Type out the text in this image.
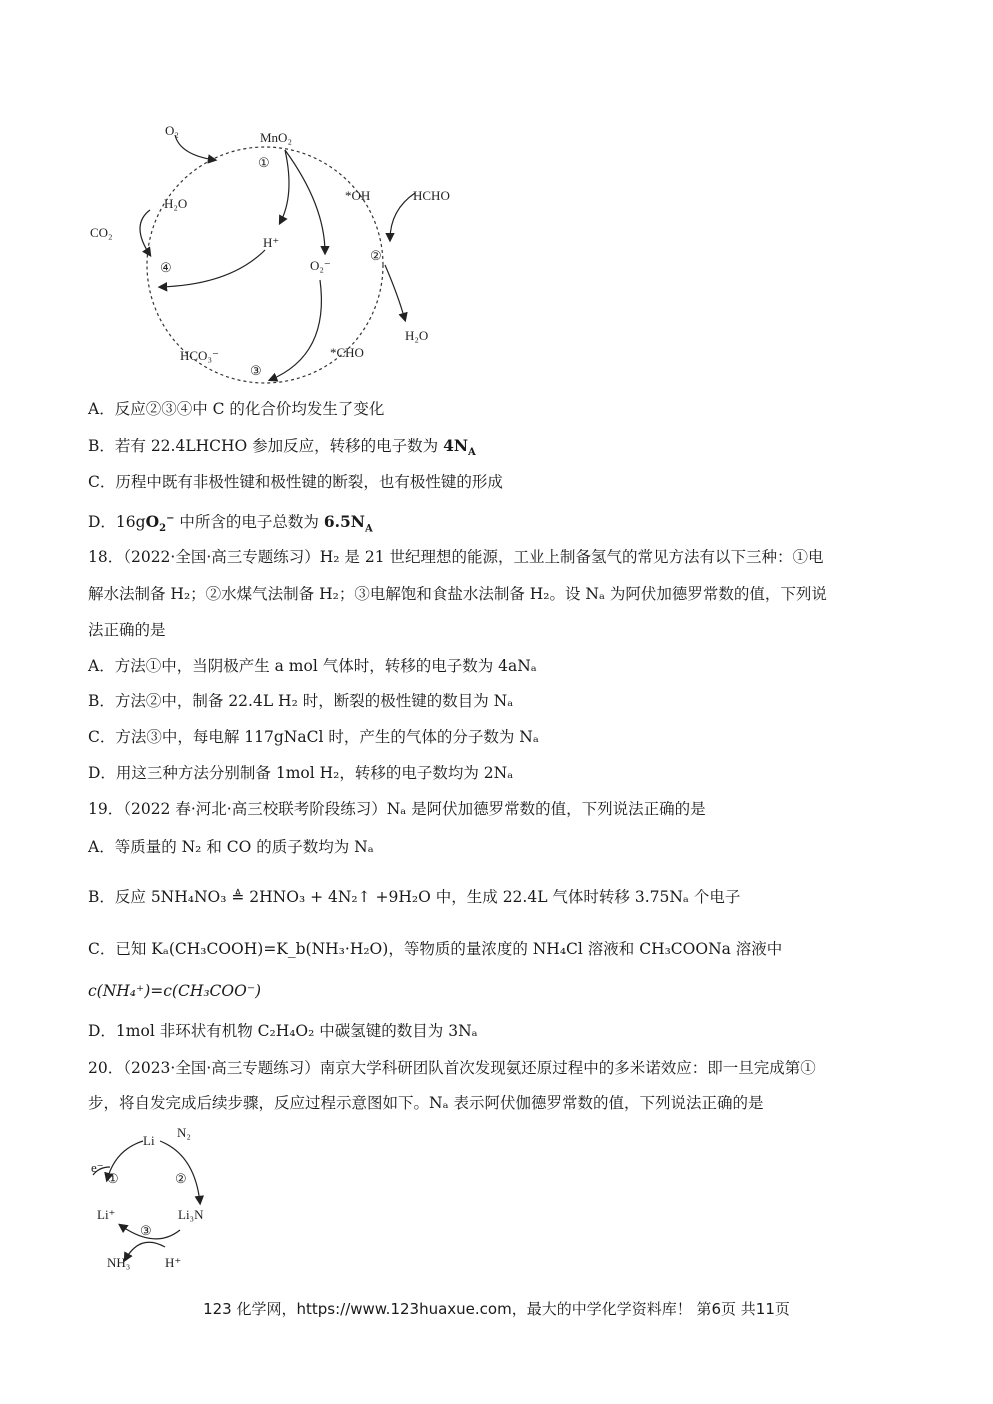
O₂	MnO₂
①
*OH	HCHO
H₂O
CO₂
H⁺
②
O₂⁻
④
H₂O
*CHO
HCO₃⁻
③
A．反应②③④中 C 的化合价均发生了变化
B．若有 22.4LHCHO 参加反应，转移的电子数为 $4N_A$
C．历程中既有非极性键和极性键的断裂，也有极性键的形成
D．$16gO_2^-$ 中所含的电子总数为 $6.5N_A$
18．（2022·全国·高三专题练习）H₂ 是 21 世纪理想的能源，工业上制备氢气的常见方法有以下三种：①电
解水法制备 H₂；②水煤气法制备 H₂；③电解饱和食盐水法制备 H₂。设 Nₐ 为阿伏加德罗常数的值，下列说
法正确的是
A．方法①中，当阴极产生 a mol 气体时，转移的电子数为 4aNₐ
B．方法②中，制备 22.4L H₂ 时，断裂的极性键的数目为 Nₐ
C．方法③中，每电解 117gNaCl 时，产生的气体的分子数为 Nₐ
D．用这三种方法分别制备 1mol H₂，转移的电子数均为 2Nₐ
19．（2022 春·河北·高三校联考阶段练习）Nₐ 是阿伏加德罗常数的值，下列说法正确的是
A．等质量的 N₂ 和 CO 的质子数均为 Nₐ
B．反应 5NH₄NO₃ ≜ 2HNO₃ + 4N₂↑ +9H₂O 中，生成 22.4L 气体时转移 3.75Nₐ 个电子
C．已知 Kₐ(CH₃COOH)=K_b(NH₃·H₂O)，等物质的量浓度的 NH₄Cl 溶液和 CH₃COONa 溶液中
c(NH₄⁺)=c(CH₃COO⁻)
D．1mol 非环状有机物 C₂H₄O₂ 中碳氢键的数目为 3Nₐ
20．（2023·全国·高三专题练习）南京大学科研团队首次发现氨还原过程中的多米诺效应：即一旦完成第①
步，将自发完成后续步骤，反应过程示意图如下。Nₐ 表示阿伏伽德罗常数的值，下列说法正确的是
Li
N₂
e⁻
①	②
Li⁺	Li₃N
③
NH₃	H⁺
123 化学网，https://www.123huaxue.com，最大的中学化学资料库！ 第6页 共11页
